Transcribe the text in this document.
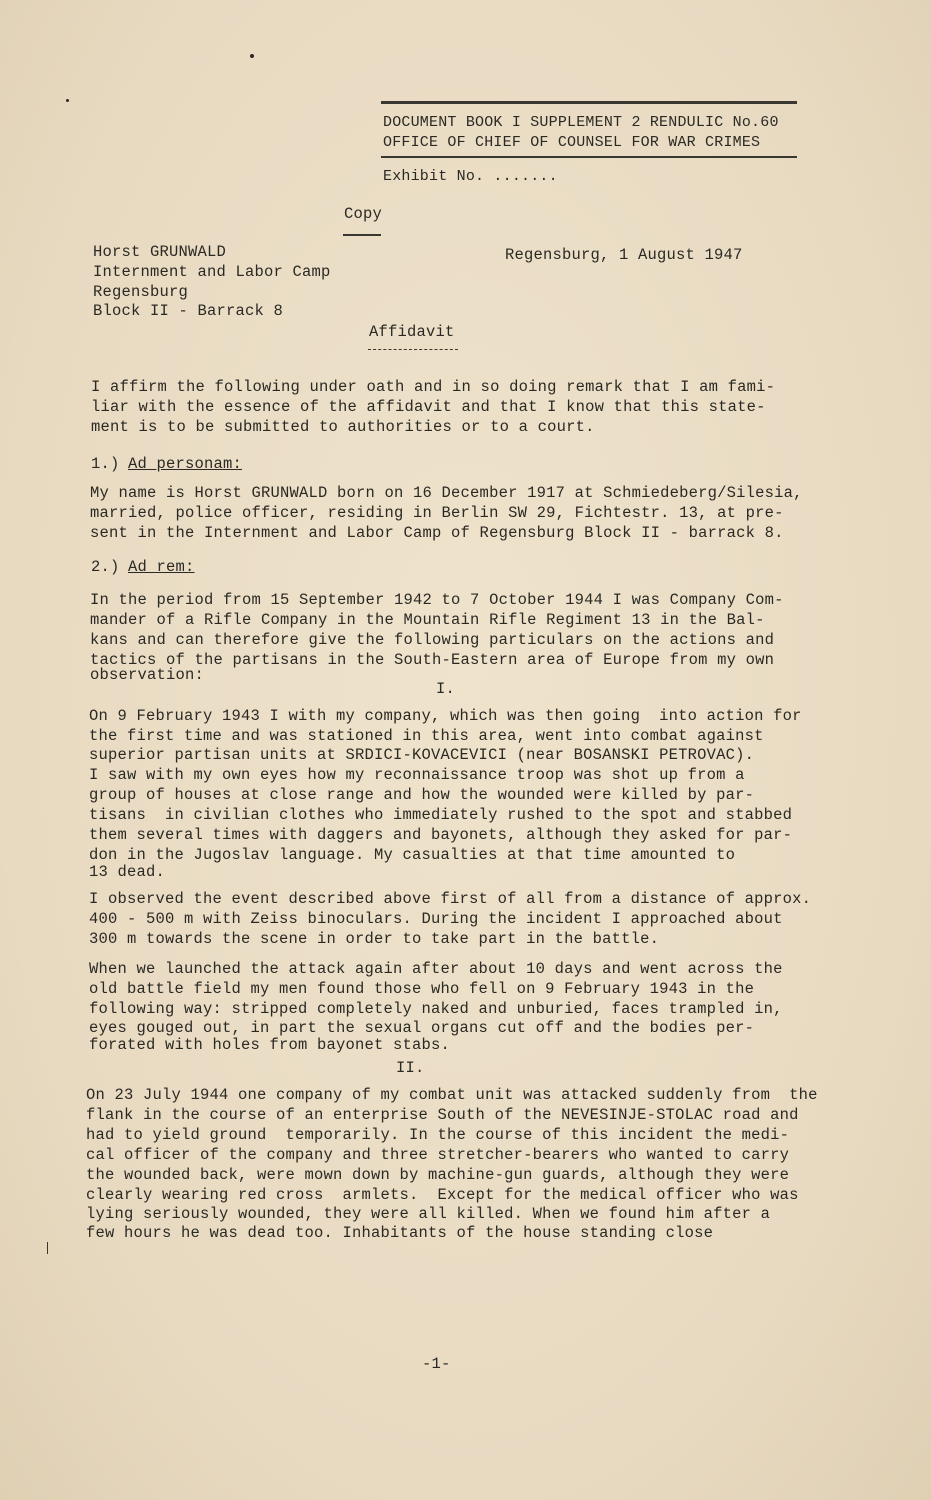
DOCUMENT BOOK I SUPPLEMENT 2 RENDULIC No.60
OFFICE OF CHIEF OF COUNSEL FOR WAR CRIMES
Exhibit No. .......
Copy
Horst GRUNWALD
Internment and Labor Camp
Regensburg
Block II - Barrack 8
Regensburg, 1 August 1947
Affidavit
I affirm the following under oath and in so doing remark that I am fami-
liar with the essence of the affidavit and that I know that this state-
ment is to be submitted to authorities or to a court.
1.) Ad personam:
My name is Horst GRUNWALD born on 16 December 1917 at Schmiedeberg/Silesia,
married, police officer, residing in Berlin SW 29, Fichtestr. 13, at pre-
sent in the Internment and Labor Camp of Regensburg Block II - barrack 8.
2.) Ad rem:
In the period from 15 September 1942 to 7 October 1944 I was Company Com-
mander of a Rifle Company in the Mountain Rifle Regiment 13 in the Bal-
kans and can therefore give the following particulars on the actions and
tactics of the partisans in the South-Eastern area of Europe from my own
observation:
I.
On 9 February 1943 I with my company, which was then going  into action for
the first time and was stationed in this area, went into combat against
superior partisan units at SRDICI-KOVACEVICI (near BOSANSKI PETROVAC).
I saw with my own eyes how my reconnaissance troop was shot up from a
group of houses at close range and how the wounded were killed by par-
tisans  in civilian clothes who immediately rushed to the spot and stabbed
them several times with daggers and bayonets, although they asked for par-
don in the Jugoslav language. My casualties at that time amounted to
13 dead.
I observed the event described above first of all from a distance of approx.
400 - 500 m with Zeiss binoculars. During the incident I approached about
300 m towards the scene in order to take part in the battle.
When we launched the attack again after about 10 days and went across the
old battle field my men found those who fell on 9 February 1943 in the
following way: stripped completely naked and unburied, faces trampled in,
eyes gouged out, in part the sexual organs cut off and the bodies per-
forated with holes from bayonet stabs.
II.
On 23 July 1944 one company of my combat unit was attacked suddenly from  the
flank in the course of an enterprise South of the NEVESINJE-STOLAC road and
had to yield ground  temporarily. In the course of this incident the medi-
cal officer of the company and three stretcher-bearers who wanted to carry
the wounded back, were mown down by machine-gun guards, although they were
clearly wearing red cross  armlets.  Except for the medical officer who was
lying seriously wounded, they were all killed. When we found him after a
few hours he was dead too. Inhabitants of the house standing close
-1-
